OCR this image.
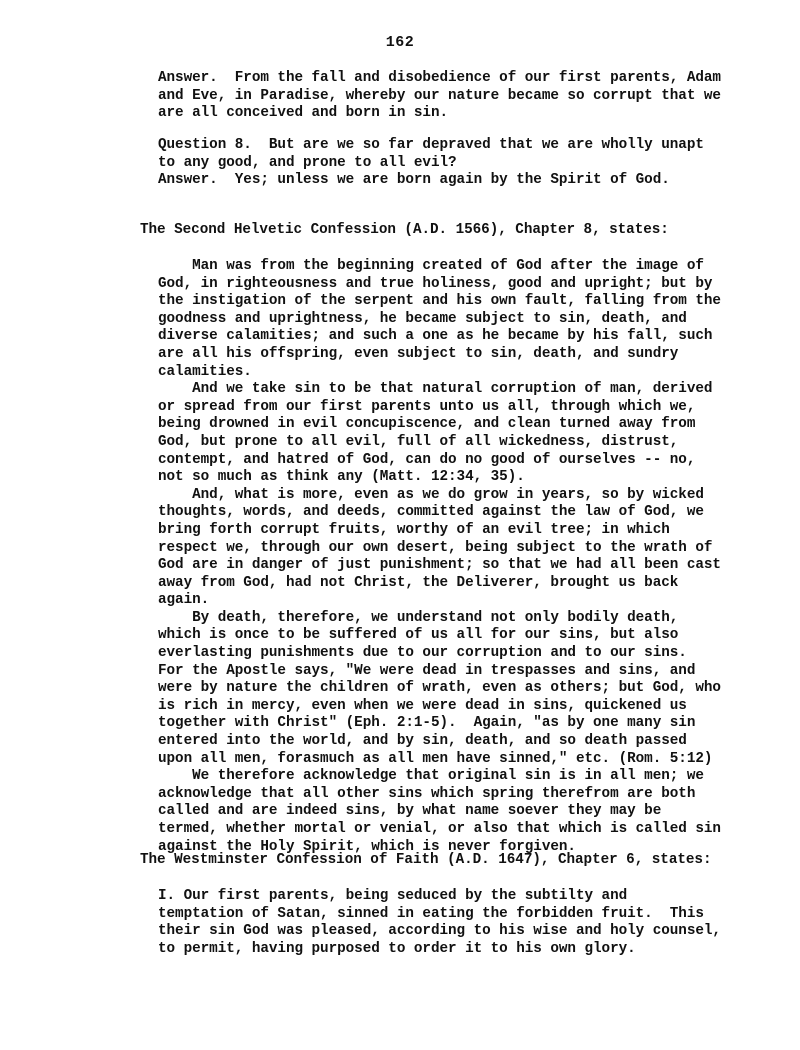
162
Answer.  From the fall and disobedience of our first parents, Adam
and Eve, in Paradise, whereby our nature became so corrupt that we
are all conceived and born in sin.
Question 8.  But are we so far depraved that we are wholly unapt
to any good, and prone to all evil?
Answer.  Yes; unless we are born again by the Spirit of God.
The Second Helvetic Confession (A.D. 1566), Chapter 8, states:
Man was from the beginning created of God after the image of
God, in righteousness and true holiness, good and upright; but by
the instigation of the serpent and his own fault, falling from the
goodness and uprightness, he became subject to sin, death, and
diverse calamities; and such a one as he became by his fall, such
are all his offspring, even subject to sin, death, and sundry
calamities.
And we take sin to be that natural corruption of man, derived
or spread from our first parents unto us all, through which we,
being drowned in evil concupiscence, and clean turned away from
God, but prone to all evil, full of all wickedness, distrust,
contempt, and hatred of God, can do no good of ourselves -- no,
not so much as think any (Matt. 12:34, 35).
And, what is more, even as we do grow in years, so by wicked
thoughts, words, and deeds, committed against the law of God, we
bring forth corrupt fruits, worthy of an evil tree; in which
respect we, through our own desert, being subject to the wrath of
God are in danger of just punishment; so that we had all been cast
away from God, had not Christ, the Deliverer, brought us back
again.
By death, therefore, we understand not only bodily death,
which is once to be suffered of us all for our sins, but also
everlasting punishments due to our corruption and to our sins.
For the Apostle says, "We were dead in trespasses and sins, and
were by nature the children of wrath, even as others; but God, who
is rich in mercy, even when we were dead in sins, quickened us
together with Christ" (Eph. 2:1-5).  Again, "as by one many sin
entered into the world, and by sin, death, and so death passed
upon all men, forasmuch as all men have sinned," etc. (Rom. 5:12)
We therefore acknowledge that original sin is in all men; we
acknowledge that all other sins which spring therefrom are both
called and are indeed sins, by what name soever they may be
termed, whether mortal or venial, or also that which is called sin
against the Holy Spirit, which is never forgiven.
The Westminster Confession of Faith (A.D. 1647), Chapter 6, states:
I. Our first parents, being seduced by the subtilty and
temptation of Satan, sinned in eating the forbidden fruit.  This
their sin God was pleased, according to his wise and holy counsel,
to permit, having purposed to order it to his own glory.
